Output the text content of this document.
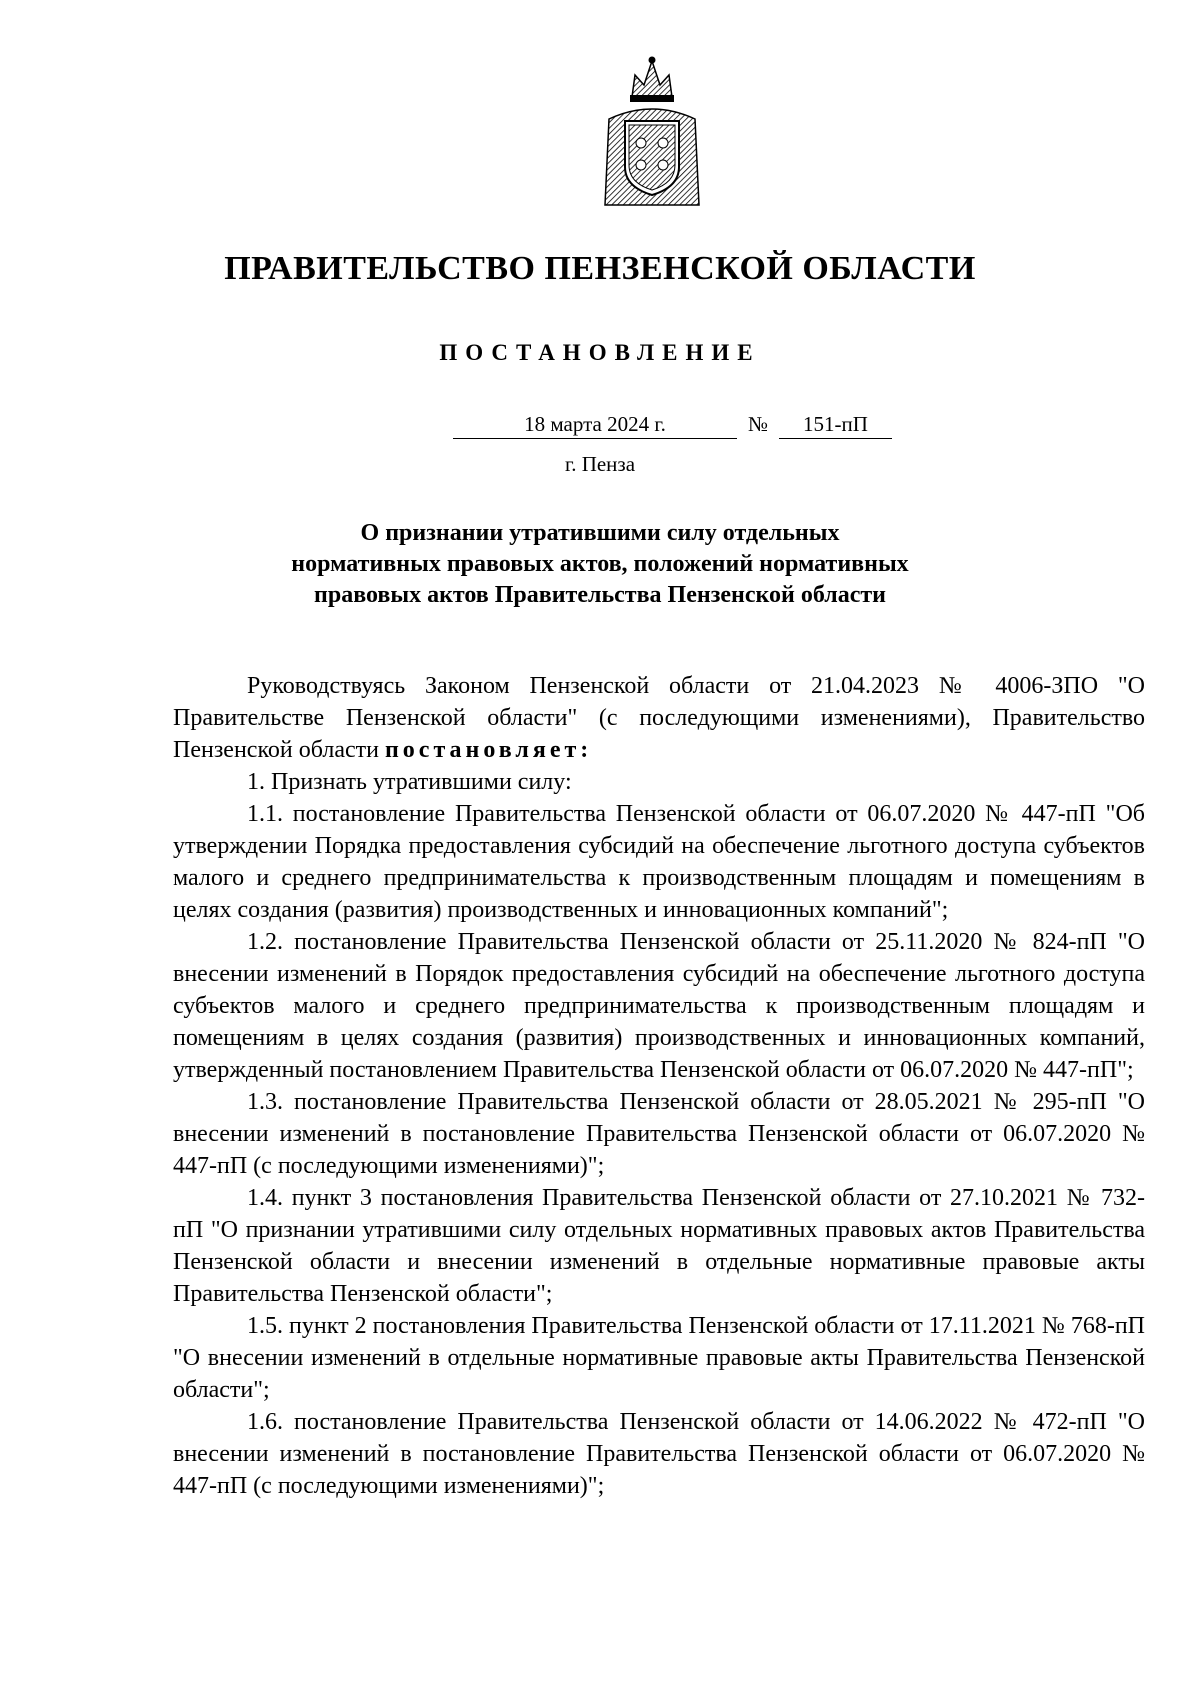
ПРАВИТЕЛЬСТВО ПЕНЗЕНСКОЙ ОБЛАСТИ
ПОСТАНОВЛЕНИЕ
18 марта 2024 г.	№	151-пП
г. Пенза
О признании утратившими силу отдельных
нормативных правовых актов, положений нормативных
правовых актов Правительства Пензенской области

Руководствуясь Законом Пензенской области от 21.04.2023 № 4006-ЗПО "О Правительстве Пензенской области" (с последующими изменениями), Правительство Пензенской области постановляет:

1. Признать утратившими силу:

1.1. постановление Правительства Пензенской области от 06.07.2020 № 447-пП "Об утверждении Порядка предоставления субсидий на обеспечение льготного доступа субъектов малого и среднего предпринимательства к производственным площадям и помещениям в целях создания (развития) производственных и инновационных компаний";

1.2. постановление Правительства Пензенской области от 25.11.2020 № 824-пП "О внесении изменений в Порядок предоставления субсидий на обеспечение льготного доступа субъектов малого и среднего предпринимательства к производственным площадям и помещениям в целях создания (развития) производственных и инновационных компаний, утвержденный постановлением Правительства Пензенской области от 06.07.2020 № 447-пП";

1.3. постановление Правительства Пензенской области от 28.05.2021 № 295-пП "О внесении изменений в постановление Правительства Пензенской области от 06.07.2020 № 447-пП (с последующими изменениями)";

1.4. пункт 3 постановления Правительства Пензенской области от 27.10.2021 № 732-пП "О признании утратившими силу отдельных нормативных правовых актов Правительства Пензенской области и внесении изменений в отдельные нормативные правовые акты Правительства Пензенской области";

1.5. пункт 2 постановления Правительства Пензенской области от 17.11.2021 № 768-пП "О внесении изменений в отдельные нормативные правовые акты Правительства Пензенской области";

1.6. постановление Правительства Пензенской области от 14.06.2022 № 472-пП "О внесении изменений в постановление Правительства Пензенской области от 06.07.2020 № 447-пП (с последующими изменениями)";
